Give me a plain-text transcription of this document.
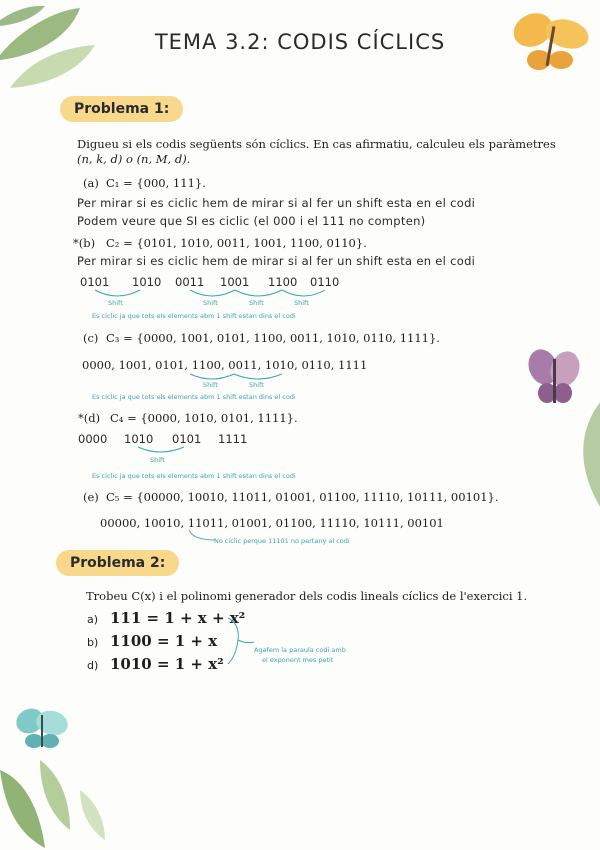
TEMA 3.2: CODIS CÍCLICS
Problema 1:
Digueu si els codis següents són cíclics. En cas afirmatiu, calculeu els paràmetres
(n, k, d) o (n, M, d).
(a) C₁ = {000, 111}.
Per mirar si es ciclic hem de mirar si al fer un shift esta en el codi
Podem veure que SI es ciclic (el 000 i el 111 no compten)
*(b) C₂ = {0101, 1010, 0011, 1001, 1100, 0110}.
Per mirar si es ciclic hem de mirar si al fer un shift esta en el codi
0101 1010 0011 1001 1100 0110
Shift	Shift	Shift	Shift
Es ciclic ja que tots els elements abm 1 shift estan dins el codi
(c) C₃ = {0000, 1001, 0101, 1100, 0011, 1010, 0110, 1111}.
0000, 1001, 0101, 1100, 0011, 1010, 0110, 1111
Shift	Shift
Es ciclic ja que tots els elements abm 1 shift estan dins el codi
*(d) C₄ = {0000, 1010, 0101, 1111}.
0000 1010 0101 1111
Shift
Es ciclic ja que tots els elements abm 1 shift estan dins el codi
(e) C₅ = {00000, 10010, 11011, 01001, 01100, 11110, 10111, 00101}.
00000, 10010, 11011, 01001, 01100, 11110, 10111, 00101
No ciclic perque 11101 no pertany al codi
Problema 2:
Trobeu C(x) i el polinomi generador dels codis lineals cíclics de l'exercici 1.
a) 111 = 1 + x + x²
b) 1100 = 1 + x
d) 1010 = 1 + x²
Agafem la paraula codi amb
el exponent mes petit
